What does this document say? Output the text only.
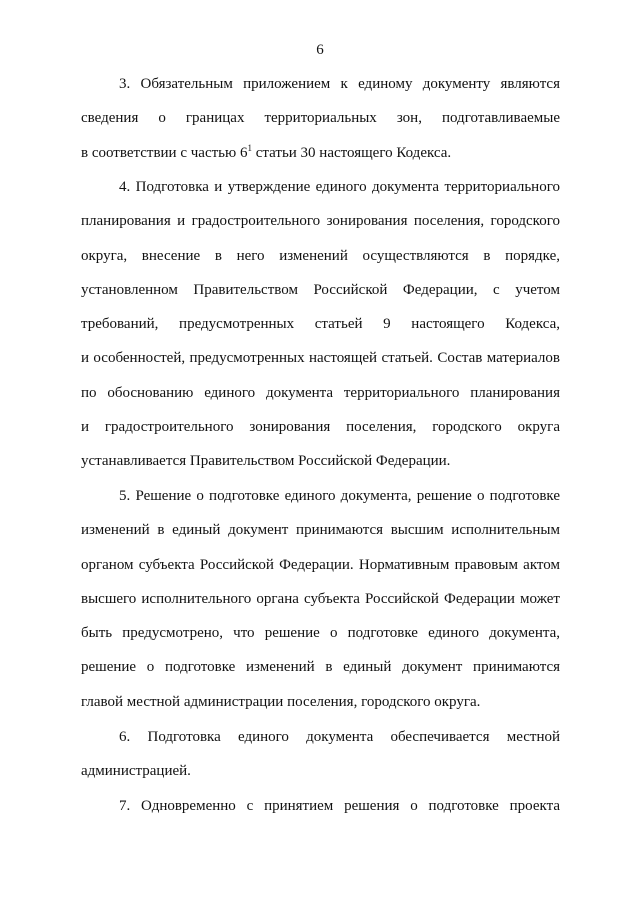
6
3. Обязательным приложением к единому документу являются
сведения о границах территориальных зон, подготавливаемые
в соответствии с частью $6^1$ статьи 30 настоящего Кодекса.
4. Подготовка и утверждение единого документа территориального
планирования и градостроительного зонирования поселения, городского
округа, внесение в него изменений осуществляются в порядке,
установленном Правительством Российской Федерации, с учетом
требований, предусмотренных статьей 9 настоящего Кодекса,
и особенностей, предусмотренных настоящей статьей. Состав материалов
по обоснованию единого документа территориального планирования
и градостроительного зонирования поселения, городского округа
устанавливается Правительством Российской Федерации.
5. Решение о подготовке единого документа, решение о подготовке
изменений в единый документ принимаются высшим исполнительным
органом субъекта Российской Федерации. Нормативным правовым актом
высшего исполнительного органа субъекта Российской Федерации может
быть предусмотрено, что решение о подготовке единого документа,
решение о подготовке изменений в единый документ принимаются
главой местной администрации поселения, городского округа.
6. Подготовка единого документа обеспечивается местной
администрацией.
7. Одновременно с принятием решения о подготовке проекта
